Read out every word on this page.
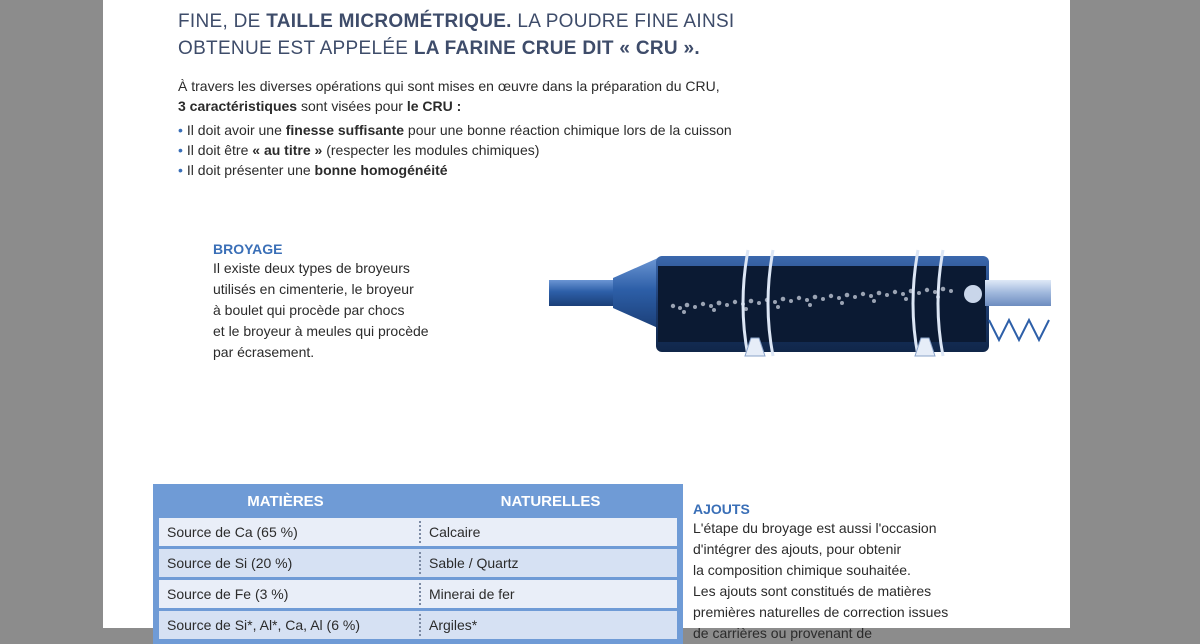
FINE, DE TAILLE MICROMÉTRIQUE. LA POUDRE FINE AINSI

OBTENUE EST APPELÉE LA FARINE CRUE DIT « CRU ».

À travers les diverses opérations qui sont mises en œuvre dans la préparation du CRU,

3 caractéristiques sont visées pour le CRU :

• Il doit avoir une finesse suffisante pour une bonne réaction chimique lors de la cuisson
• Il doit être « au titre » (respecter les modules chimiques)
• Il doit présenter une bonne homogénéité

BROYAGE

Il existe deux types de broyeurs

utilisés en cimenterie, le broyeur

à boulet qui procède par chocs

et le broyeur à meules qui procède

par écrasement.

MATIÈRES	NATURELLES
Source de Ca (65 %)	Calcaire
Source de Si (20 %)	Sable / Quartz
Source de Fe (3 %)	Minerai de fer
Source de Si*, Al*, Ca, Al (6 %)	Argiles*

AJOUTS

L'étape du broyage est aussi l'occasion

d'intégrer des ajouts, pour obtenir

la composition chimique souhaitée.

Les ajouts sont constitués de matières

premières naturelles de correction issues

de carrières ou provenant de
